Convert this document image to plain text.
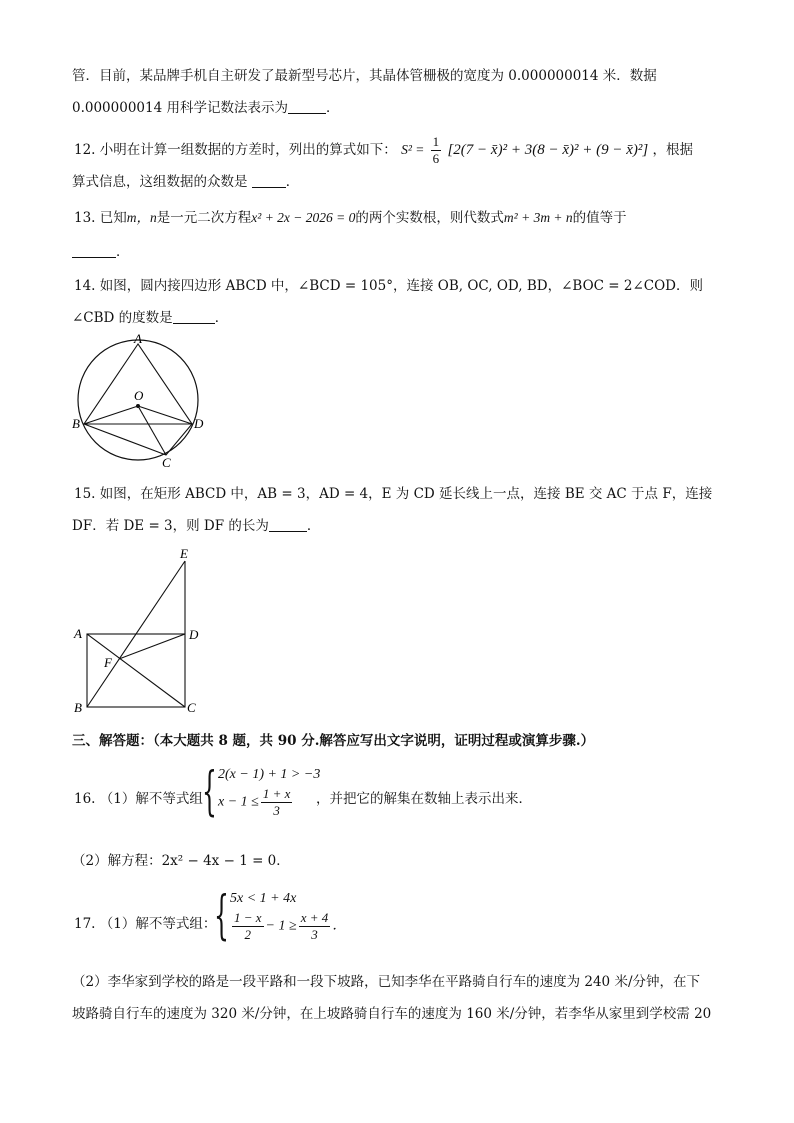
管．目前，某品牌手机自主研发了最新型号芯片，其晶体管栅极的宽度为 0.000000014 米．数据
0.000000014 用科学记数法表示为	．
12. 小明在计算一组数据的方差时，列出的算式如下： $S^2 = \frac{1}{6} [2(7$ − x̄)² + 3(8 − x̄)² + (9 − x̄)²] ，根据
算式信息，这组数据的众数是	．
13. 已知m，n是一元二次方程x² + 2x − 2026 = 0的两个实数根，则代数式m² + 3m + n的值等于
．
14. 如图，圆内接四边形 ABCD 中，∠BCD = 105°，连接 OB, OC, OD, BD，∠BOC = 2∠COD．则
∠CBD 的度数是	．
A
O
B	D
C
15. 如图，在矩形 ABCD 中，AB = 3，AD = 4，E 为 CD 延长线上一点，连接 BE 交 AC 于点 F，连接
DF．若 DE = 3，则 DF 的长为	．
E
A	D
F
B	C
三、解答题：（本大题共 8 题，共 90 分.解答应写出文字说明，证明过程或演算步骤.）
16. （1）解不等式组 { 2(x − 1) + 1 > −3
$x - 1 \le \frac{1 + x}{3}$ ，并把它的解集在数轴上表示出来．
（2）解方程：2x² − 4x − 1 = 0．
17. （1）解不等式组：
{ 5x < 1 + 4x
$\frac{1 - x}{2} - 1 \ge \frac{x + 4}{3}$ ．
（2）李华家到学校的路是一段平路和一段下坡路，已知李华在平路骑自行车的速度为 240 米/分钟，在下
坡路骑自行车的速度为 320 米/分钟，在上坡路骑自行车的速度为 160 米/分钟，若李华从家里到学校需 20
